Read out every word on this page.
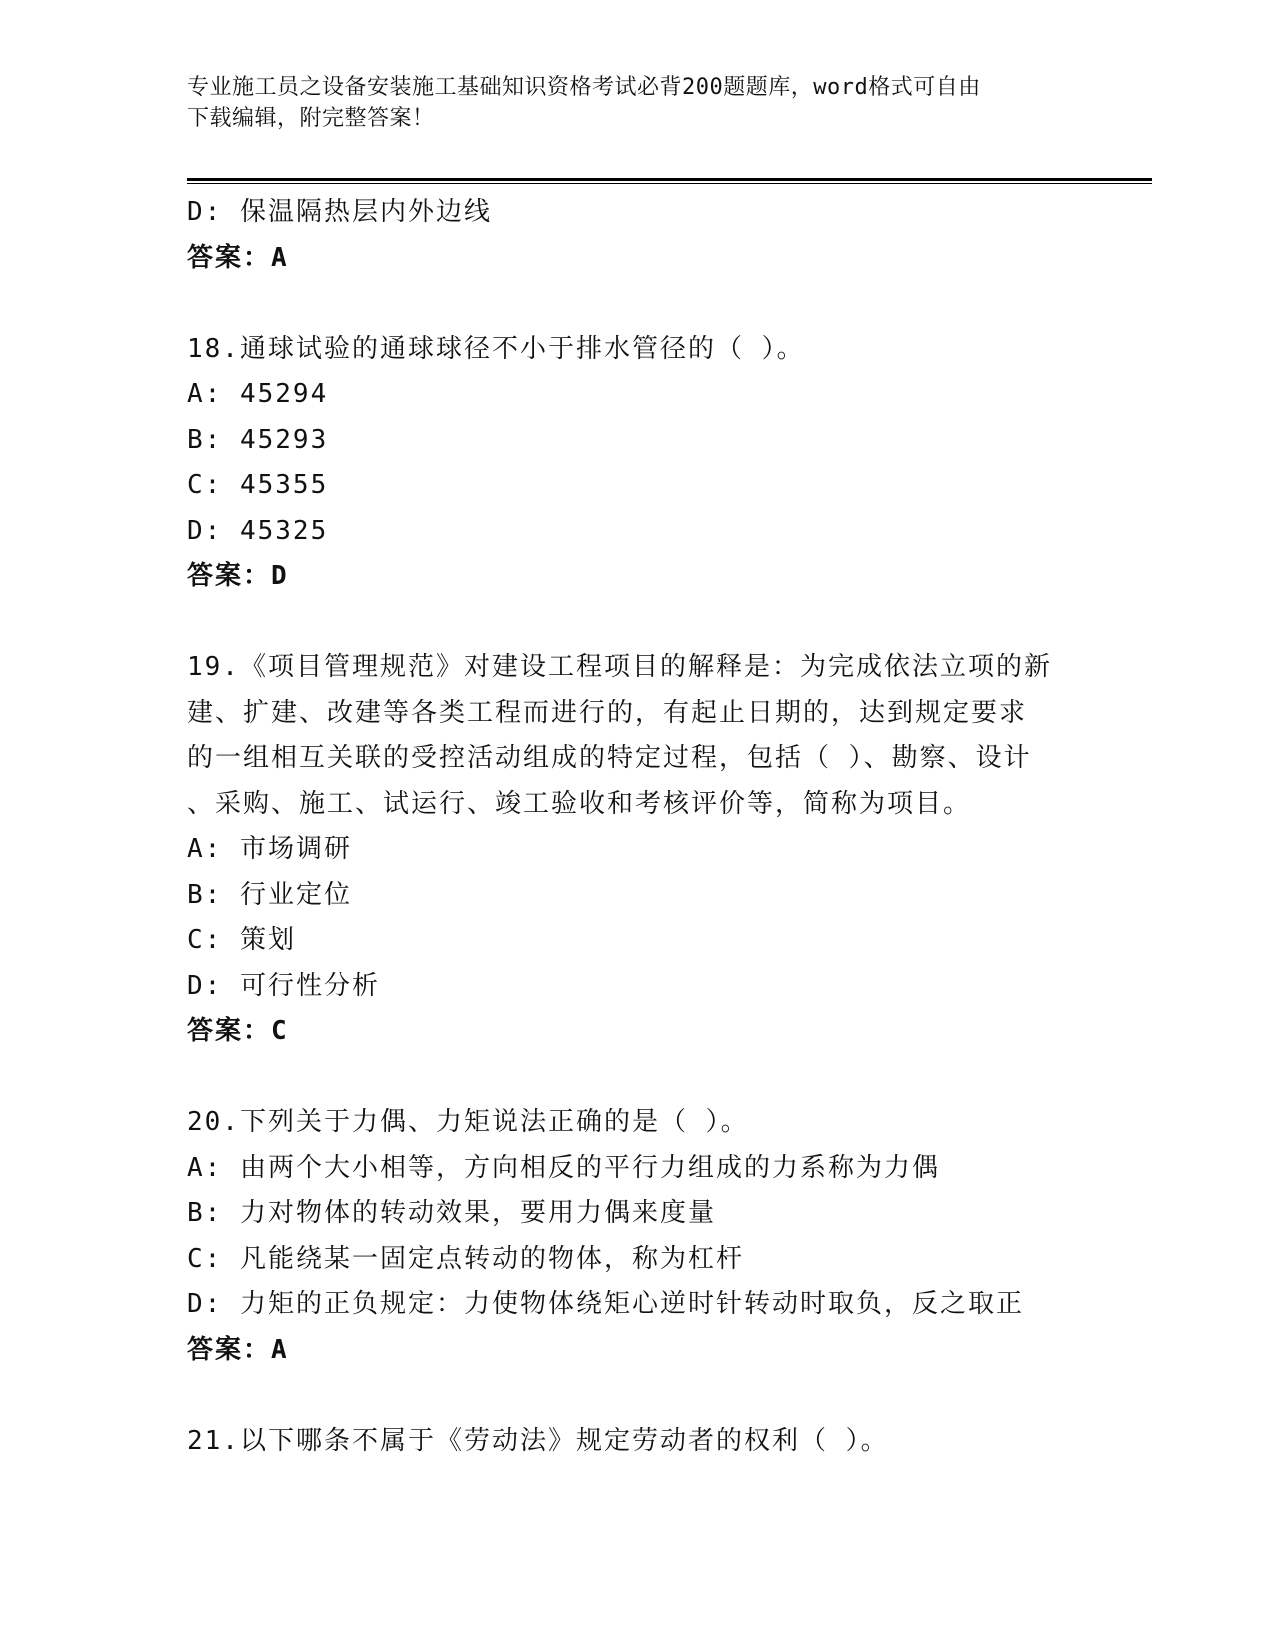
专业施工员之设备安装施工基础知识资格考试必背200题题库，word格式可自由
下载编辑，附完整答案！
D: 保温隔热层内外边线
答案：A
18.通球试验的通球球径不小于排水管径的（ ）。
A: 45294
B: 45293
C: 45355
D: 45325
答案：D
19.《项目管理规范》对建设工程项目的解释是：为完成依法立项的新
建、扩建、改建等各类工程而进行的，有起止日期的，达到规定要求
的一组相互关联的受控活动组成的特定过程，包括（ ）、勘察、设计
、采购、施工、试运行、竣工验收和考核评价等，简称为项目。
A: 市场调研
B: 行业定位
C: 策划
D: 可行性分析
答案：C
20.下列关于力偶、力矩说法正确的是（ ）。
A: 由两个大小相等，方向相反的平行力组成的力系称为力偶
B: 力对物体的转动效果，要用力偶来度量
C: 凡能绕某一固定点转动的物体，称为杠杆
D: 力矩的正负规定：力使物体绕矩心逆时针转动时取负，反之取正
答案：A
21.以下哪条不属于《劳动法》规定劳动者的权利（ ）。
